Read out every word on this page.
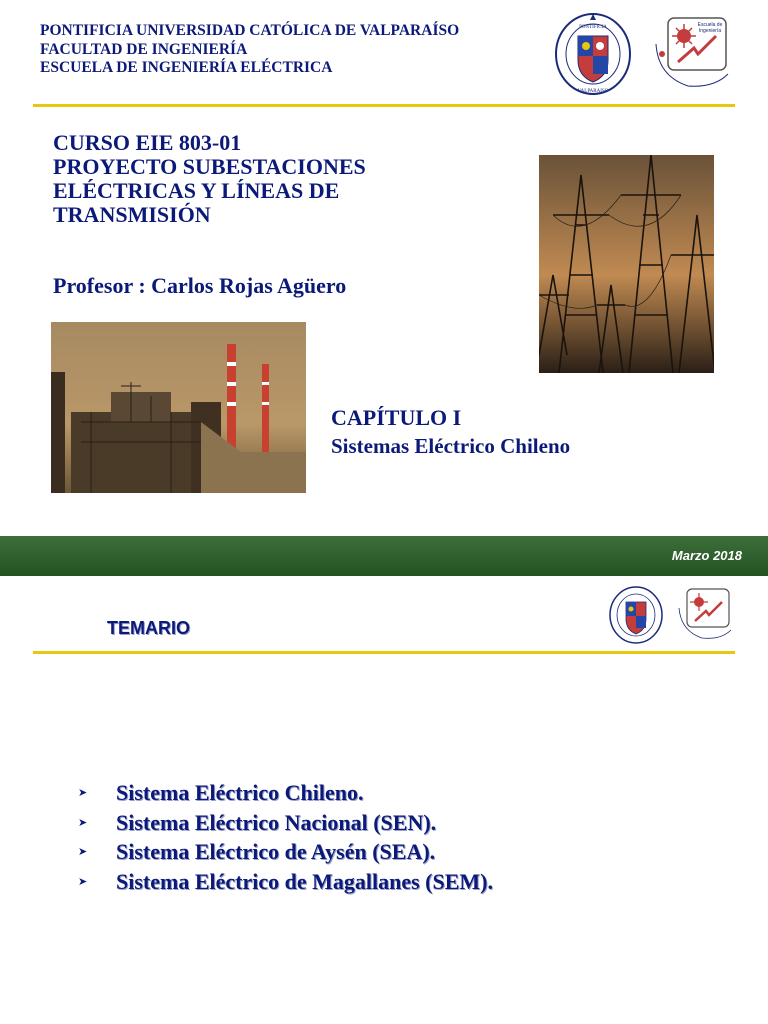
PONTIFICIA UNIVERSIDAD CATÓLICA DE VALPARAÍSO
FACULTAD DE INGENIERÍA
ESCUELA DE INGENIERÍA ELÉCTRICA
PONTIFICIA
VALPARAISO
Escuela de
Ingeniería
CURSO EIE 803-01
PROYECTO SUBESTACIONES
ELÉCTRICAS Y LÍNEAS DE
TRANSMISIÓN
Profesor : Carlos Rojas Agüero
CAPÍTULO I
Sistemas Eléctrico Chileno
Marzo 2018
TEMARIO
➤ Sistema Eléctrico Chileno.
➤ Sistema Eléctrico Nacional (SEN).
➤ Sistema Eléctrico de Aysén (SEA).
➤ Sistema Eléctrico de Magallanes (SEM).
